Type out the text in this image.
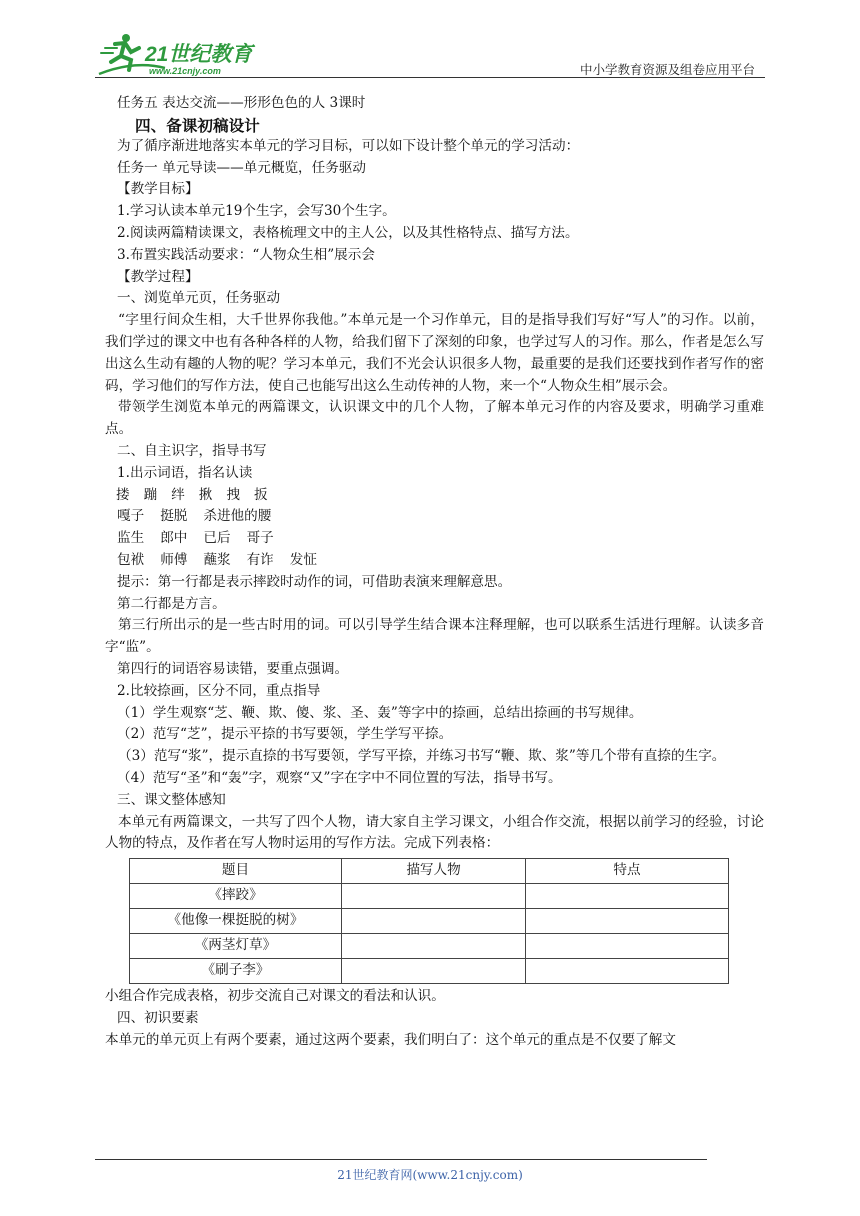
21世纪教育
www.21cnjy.com	中小学教育资源及组卷应用平台

任务五 表达交流——形形色色的人 3课时

四、备课初稿设计

为了循序渐进地落实本单元的学习目标，可以如下设计整个单元的学习活动：

任务一 单元导读——单元概览，任务驱动

【教学目标】

1.学习认读本单元19个生字，会写30个生字。

2.阅读两篇精读课文，表格梳理文中的主人公，以及其性格特点、描写方法。

3.布置实践活动要求：“人物众生相”展示会

【教学过程】

一、浏览单元页，任务驱动

“字里行间众生相，大千世界你我他。”本单元是一个习作单元，目的是指导我们写好“写人”的习作。以前，我们学过的课文中也有各种各样的人物，给我们留下了深刻的印象，也学过写人的习作。那么，作者是怎么写出这么生动有趣的人物的呢？学习本单元，我们不光会认识很多人物，最重要的是我们还要找到作者写作的密码，学习他们的写作方法，使自己也能写出这么生动传神的人物，来一个“人物众生相”展示会。

带领学生浏览本单元的两篇课文，认识课文中的几个人物，了解本单元习作的内容及要求，明确学习重难点。

二、自主识字，指导书写

1.出示词语，指名认读

搂 蹦 绊 揪 拽 扳

嘎子 挺脱 杀进他的腰

监生 郎中 已后 哥子

包袱 师傅 蘸浆 有诈 发怔

提示：第一行都是表示摔跤时动作的词，可借助表演来理解意思。

第二行都是方言。

第三行所出示的是一些古时用的词。可以引导学生结合课本注释理解，也可以联系生活进行理解。认读多音字“监”。

第四行的词语容易读错，要重点强调。

2.比较捺画，区分不同，重点指导

（1）学生观察“芝、鞭、欺、傻、浆、圣、轰”等字中的捺画，总结出捺画的书写规律。

（2）范写“芝”，提示平捺的书写要领，学生学写平捺。

（3）范写“浆”，提示直捺的书写要领，学写平捺，并练习书写“鞭、欺、浆”等几个带有直捺的生字。

（4）范写“圣”和“轰”字，观察“又”字在字中不同位置的写法，指导书写。

三、课文整体感知

本单元有两篇课文，一共写了四个人物，请大家自主学习课文，小组合作交流，根据以前学习的经验，讨论人物的特点，及作者在写人物时运用的写作方法。完成下列表格：

题目	描写人物	特点
《摔跤》		
《他像一棵挺脱的树》		
《两茎灯草》		
《刷子李》		

小组合作完成表格，初步交流自己对课文的看法和认识。

四、初识要素

本单元的单元页上有两个要素，通过这两个要素，我们明白了：这个单元的重点是不仅要了解文

21世纪教育网(www.21cnjy.com)
